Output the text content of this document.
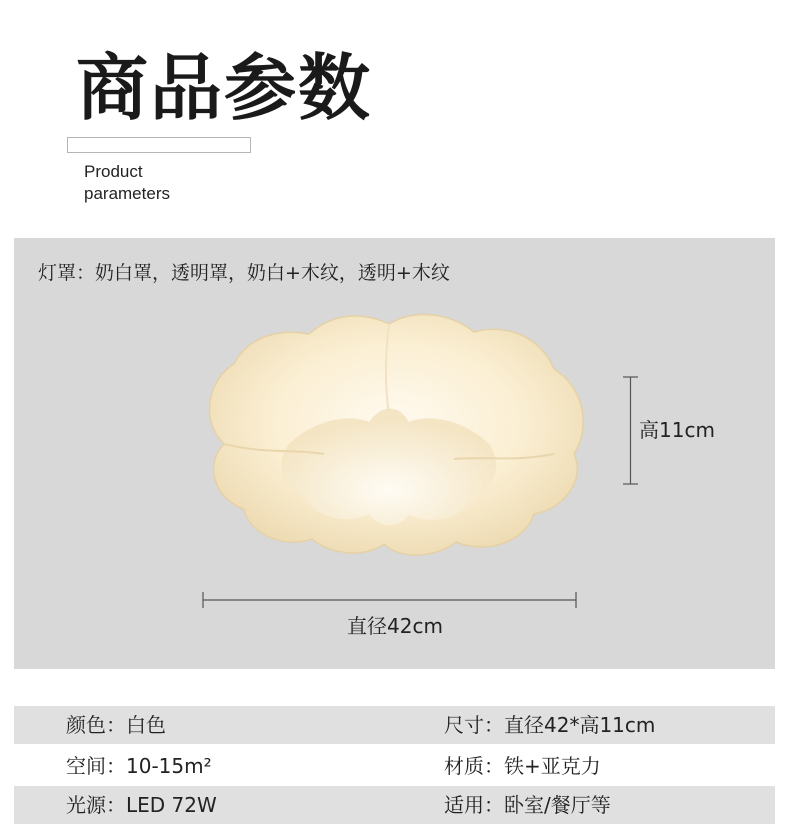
商品参数
Product
parameters
灯罩：奶白罩，透明罩，奶白+木纹，透明+木纹
高11cm
直径42cm
颜色：白色	尺寸：直径42*高11cm
空间：10-15m²	材质：铁+亚克力
光源：LED 72W	适用：卧室/餐厅等
